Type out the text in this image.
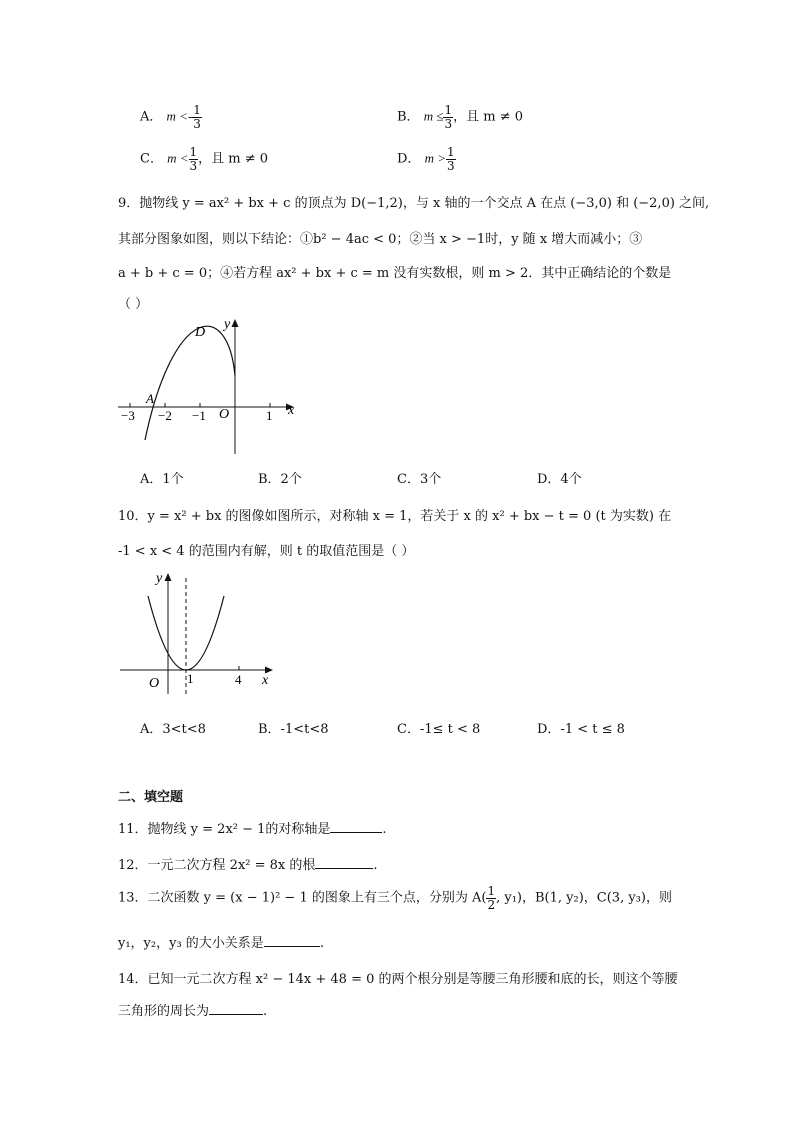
A． $m <- \frac{1}{3}$	B． $m \le \frac{1}{3}$ ，且 m ≠ 0
C． $m < \frac{1}{3}$ ，且 m ≠ 0	D． $m > \frac{1}{3}$
9．抛物线 y = ax² + bx + c 的顶点为 D(−1,2)，与 x 轴的一个交点 A 在点 (−3,0) 和 (−2,0) 之间,
其部分图象如图，则以下结论：①b² − 4ac < 0；②当 x > −1时，y 随 x 增大而减小；③
a + b + c = 0；④若方程 ax² + bx + c = m 没有实数根，则 m > 2．其中正确结论的个数是
（ ）
y
x
D
A
O
−3 −2 −1	1
A．1个	B．2个	C．3个	D．4个
10．y = x² + bx 的图像如图所示，对称轴 x = 1，若关于 x 的 x² + bx − t = 0 (t 为实数) 在
-1 < x < 4 的范围内有解，则 t 的取值范围是（ ）
y
x
O 1	4
A．3<t<8	B．-1<t<8	C．-1≤ t < 8	D．-1 < t ≤ 8
二、填空题
11．抛物线 y = 2x² − 1的对称轴是	.
12．一元二次方程 2x² = 8x 的根	.
13．二次函数 y = (x − 1)² − 1 的图象上有三个点，分别为 $A( \frac{1}{2}$ , y₁)，B(1, y₂)，C(3, y₃)，则
y₁，y₂，y₃ 的大小关系是	.
14．已知一元二次方程 x² − 14x + 48 = 0 的两个根分别是等腰三角形腰和底的长，则这个等腰
三角形的周长为	.
